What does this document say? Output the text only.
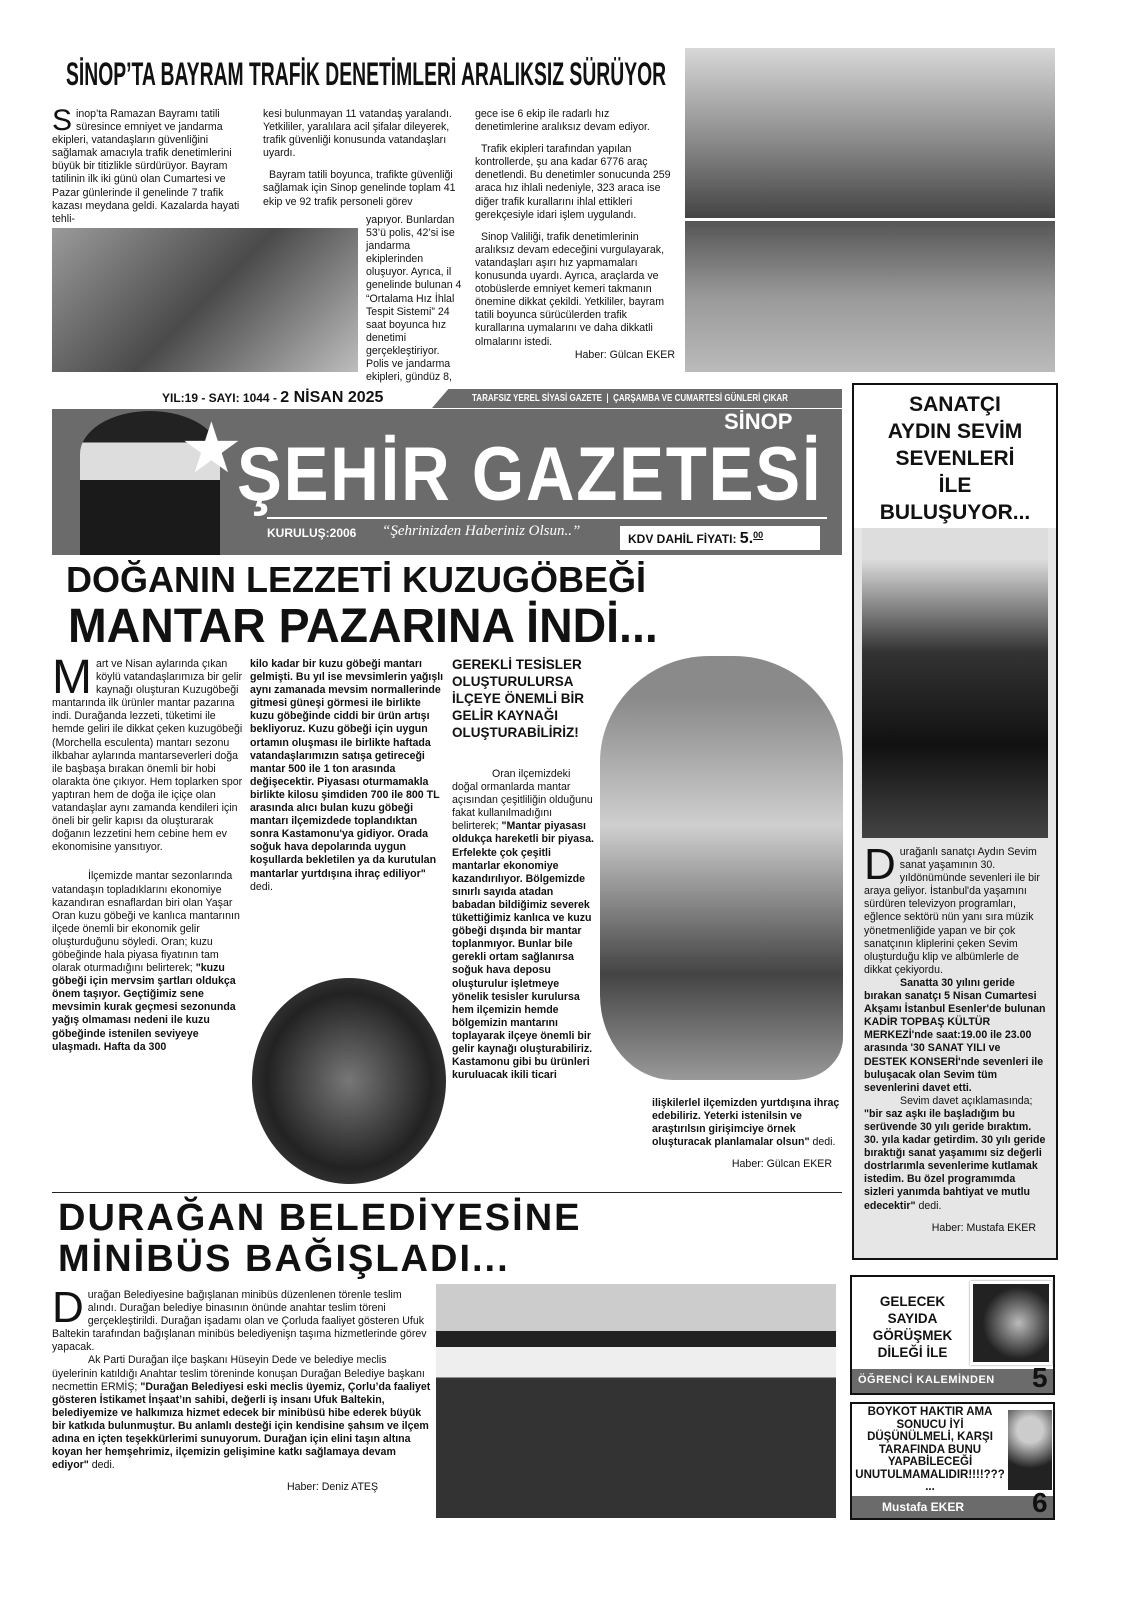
SİNOP’TA BAYRAM TRAFİK DENETİMLERİ ARALIKSIZ SÜRÜYOR
Sinop’ta Ramazan Bayramı tatili süresince emniyet ve jandarma ekipleri, vatandaşların güvenliğini sağlamak amacıyla trafik denetimlerini büyük bir titizlikle sürdürüyor. Bayram tatilinin ilk iki günü olan Cumartesi ve Pazar günlerinde il genelinde 7 trafik kazası meydana geldi. Kazalarda hayati tehli-

kesi bulunmayan 11 vatandaş yaralandı. Yetkililer, yaralılara acil şifalar dileyerek, trafik güvenliği konusunda vatandaşları uyardı.

Bayram tatili boyunca, trafikte güvenliği sağlamak için Sinop genelinde toplam 41 ekip ve 92 trafik personeli görev

yapıyor. Bunlardan 53’ü polis, 42’si ise jandarma ekiplerinden oluşuyor. Ayrıca, il genelinde bulunan 4 “Ortalama Hız İhlal Tespit Sistemi” 24 saat boyunca hız denetimi gerçekleştiriyor. Polis ve jandarma ekipleri, gündüz 8,

gece ise 6 ekip ile radarlı hız denetimlerine aralıksız devam ediyor.

Trafik ekipleri tarafından yapılan kontrollerde, şu ana kadar 6776 araç denetlendi. Bu denetimler sonucunda 259 araca hız ihlali nedeniyle, 323 araca ise diğer trafik kurallarını ihlal ettikleri gerekçesiyle idari işlem uygulandı.

Sinop Valiliği, trafik denetimlerinin aralıksız devam edeceğini vurgulayarak, vatandaşları aşırı hız yapmamaları konusunda uyardı. Ayrıca, araçlarda ve otobüslerde emniyet kemeri takmanın önemine dikkat çekildi. Yetkililer, bayram tatili boyunca sürücülerden trafik kurallarına uymalarını ve daha dikkatli olmalarını istedi.

Haber: Gülcan EKER
YIL:19 - SAYI: 1044 - 2 NİSAN 2025	TARAFSIZ YEREL SİYASİ GAZETE  |  ÇARŞAMBA VE CUMARTESİ GÜNLERİ ÇIKAR
★	SİNOP
ŞEHİR GAZETESİ
KURULUŞ:2006 “Şehrinizden Haberiniz Olsun..”	KDV DAHİL FİYATI: 5.00
SANATÇI
AYDIN SEVİM
SEVENLERİ
İLE
BULUŞUYOR...

Durağanlı sanatçı Aydın Sevim sanat yaşamının 30. yıldönümünde sevenleri ile bir araya geliyor. İstanbul'da yaşamını sürdüren televizyon programları, eğlence sektörü nün yanı sıra müzik yönetmenliğide yapan ve bir çok sanatçının kliplerini çeken Sevim oluşturduğu klip ve albümlerle de dikkat çekiyordu.

Sanatta 30 yılını geride bırakan sanatçı 5 Nisan Cumartesi Akşamı İstanbul Esenler'de bulunan KADİR TOPBAŞ KÜLTÜR MERKEZİ'nde saat:19.00 ile 23.00 arasında '30 SANAT YILI ve DESTEK KONSERİ'nde sevenleri ile buluşacak olan Sevim tüm sevenlerini davet etti.

Sevim davet açıklamasında; "bir saz aşkı ile başladığım bu serüvende 30 yılı geride bıraktım. 30. yıla kadar getirdim. 30 yılı geride bıraktığı sanat yaşamımı siz değerli dostrlarımla sevenlerime kutlamak istedim. Bu özel programımda sizleri yanımda bahtiyat ve mutlu edecektir" dedi.

Haber: Mustafa EKER
DOĞANIN LEZZETİ KUZUGÖBEĞİ
MANTAR PAZARINA İNDİ...

Mart ve Nisan aylarında çıkan köylü vatandaşlarımıza bir gelir kaynağı oluşturan Kuzugöbeği mantarında ilk ürünler mantar pazarına indi. Durağanda lezzeti, tüketimi ile hemde geliri ile dikkat çeken kuzugöbeği (Morchella esculenta) mantarı sezonu ilkbahar aylarında mantarseverleri doğa ile başbaşa bırakan önemli bir hobi olarakta öne çıkıyor. Hem toplarken spor yaptıran hem de doğa ile içiçe olan vatandaşlar aynı zamanda kendileri için öneli bir gelir kapısı da oluşturarak doğanın lezzetini hem cebine hem ev ekonomisine yansıtıyor.

İlçemizde mantar sezonlarında vatandaşın topladıklarını ekonomiye kazandıran esnaflardan biri olan Yaşar Oran kuzu göbeği ve kanlıca mantarının ilçede önemli bir ekonomik gelir oluşturduğunu söyledi. Oran; kuzu göbeğinde hala piyasa fiyatının tam olarak oturmadığını belirterek; "kuzu göbeği için mervsim şartları oldukça önem taşıyor. Geçtiğimiz sene mevsimin kurak geçmesi sezonunda yağış olmaması nedeni ile kuzu göbeğinde istenilen seviyeye ulaşmadı. Hafta da 300

kilo kadar bir kuzu göbeği mantarı gelmişti. Bu yıl ise mevsimlerin yağışlı aynı zamanada mevsim normallerinde gitmesi güneşi görmesi ile birlikte kuzu göbeğinde ciddi bir ürün artışı bekliyoruz. Kuzu göbeği için uygun ortamın oluşması ile birlikte haftada vatandaşlarımızın satışa getireceği mantar 500 ile 1 ton arasında değişecektir. Piyasası oturmamakla birlikte kilosu şimdiden 700 ile 800 TL arasında alıcı bulan kuzu göbeği mantarı ilçemizdede toplandıktan sonra Kastamonu'ya gidiyor. Orada soğuk hava depolarında uygun koşullarda bekletilen ya da kurutulan mantarlar yurtdışına ihraç ediliyor" dedi.

GEREKLİ TESİSLER OLUŞTURULURSA İLÇEYE ÖNEMLİ BİR GELİR KAYNAĞI OLUŞTURABİLİRİZ!

Oran ilçemizdeki doğal ormanlarda mantar açısından çeşitliliğin olduğunu fakat kullanılmadığını belirterek; "Mantar piyasası oldukça hareketli bir piyasa. Erfelekte çok çeşitli mantarlar ekonomiye kazandırılıyor. Bölgemizde sınırlı sayıda atadan babadan bildiğimiz severek tükettiğimiz kanlıca ve kuzu göbeği dışında bir mantar toplanmıyor. Bunlar bile gerekli ortam sağlanırsa soğuk hava deposu oluşturulur işletmeye yönelik tesisler kurulursa hem ilçemizin hemde bölgemizin mantarını toplayarak ilçeye önemli bir gelir kaynağı oluşturabiliriz. Kastamonu gibi bu ürünleri kuruluacak ikili ticari

ilişkilerlel ilçemizden yurtdışına ihraç edebiliriz. Yeterki istenilsin ve araştırılsın girişimciye örnek oluşturacak planlamalar olsun" dedi.

Haber: Gülcan EKER
DURAĞAN BELEDİYESİNE
MİNİBÜS BAĞIŞLADI...

Durağan Belediyesine bağışlanan minibüs düzenlenen törenle teslim alındı. Durağan belediye binasının önünde anahtar teslim töreni gerçekleştirildi. Durağan işadamı olan ve Çorluda faaliyet gösteren Ufuk Baltekin tarafından bağışlanan minibüs belediyenişn taşıma hizmetlerinde görev yapacak.

Ak Parti Durağan ilçe başkanı Hüseyin Dede ve belediye meclis üyelerinin katıldığı Anahtar teslim töreninde konuşan Durağan Belediye başkanı necmettin ERMİŞ; "Durağan Belediyesi eski meclis üyemiz, Çorlu’da faaliyet gösteren İstikamet İnşaat’ın sahibi, değerli iş insanı Ufuk Baltekin, belediyemize ve halkımıza hizmet edecek bir minibüsü hibe ederek büyük bir katkıda bulunmuştur. Bu anlamlı desteği için kendisine şahsım ve ilçem adına en içten teşekkürlerimi sunuyorum. Durağan için elini taşın altına koyan her hemşehrimiz, ilçemizin gelişimine katkı sağlamaya devam ediyor" dedi.

Haber: Deniz ATEŞ
GELECEK SAYIDA GÖRÜŞMEK DİLEĞİ İLE
ÖĞRENCİ KALEMİNDEN	5
BOYKOT HAKTIR AMA SONUCU İYİ DÜŞÜNÜLMELİ, KARŞI TARAFINDA BUNU YAPABİLECEĞİ UNUTULMAMALIDIR!!!!???...
Mustafa EKER	6
